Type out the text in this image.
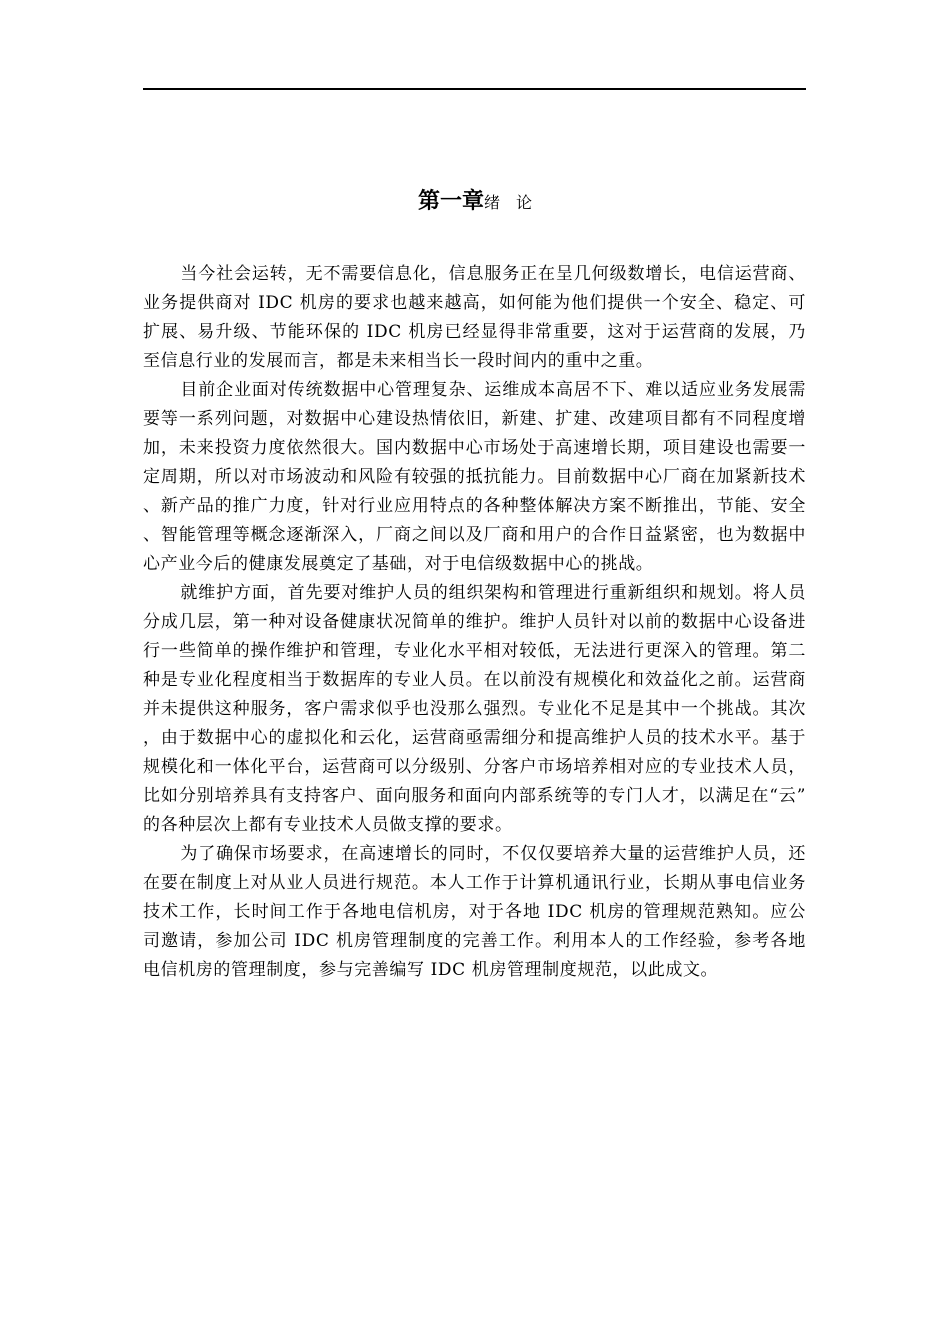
第一章绪　论

当今社会运转，无不需要信息化，信息服务正在呈几何级数增长，电信运营商、业务提供商对 IDC 机房的要求也越来越高，如何能为他们提供一个安全、稳定、可扩展、易升级、节能环保的 IDC 机房已经显得非常重要，这对于运营商的发展，乃至信息行业的发展而言，都是未来相当长一段时间内的重中之重。

目前企业面对传统数据中心管理复杂、运维成本高居不下、难以适应业务发展需要等一系列问题，对数据中心建设热情依旧，新建、扩建、改建项目都有不同程度增加，未来投资力度依然很大。国内数据中心市场处于高速增长期，项目建设也需要一定周期，所以对市场波动和风险有较强的抵抗能力。目前数据中心厂商在加紧新技术、新产品的推广力度，针对行业应用特点的各种整体解决方案不断推出，节能、安全、智能管理等概念逐渐深入，厂商之间以及厂商和用户的合作日益紧密，也为数据中心产业今后的健康发展奠定了基础，对于电信级数据中心的挑战。

就维护方面，首先要对维护人员的组织架构和管理进行重新组织和规划。将人员分成几层，第一种对设备健康状况简单的维护。维护人员针对以前的数据中心设备进行一些简单的操作维护和管理，专业化水平相对较低，无法进行更深入的管理。第二种是专业化程度相当于数据库的专业人员。在以前没有规模化和效益化之前。运营商并未提供这种服务，客户需求似乎也没那么强烈。专业化不足是其中一个挑战。其次，由于数据中心的虚拟化和云化，运营商亟需细分和提高维护人员的技术水平。基于规模化和一体化平台，运营商可以分级别、分客户市场培养相对应的专业技术人员，比如分别培养具有支持客户、面向服务和面向内部系统等的专门人才，以满足在“云”的各种层次上都有专业技术人员做支撑的要求。

为了确保市场要求，在高速增长的同时，不仅仅要培养大量的运营维护人员，还在要在制度上对从业人员进行规范。本人工作于计算机通讯行业，长期从事电信业务技术工作，长时间工作于各地电信机房，对于各地 IDC 机房的管理规范熟知。应公司邀请，参加公司 IDC 机房管理制度的完善工作。利用本人的工作经验，参考各地电信机房的管理制度，参与完善编写 IDC 机房管理制度规范，以此成文。
